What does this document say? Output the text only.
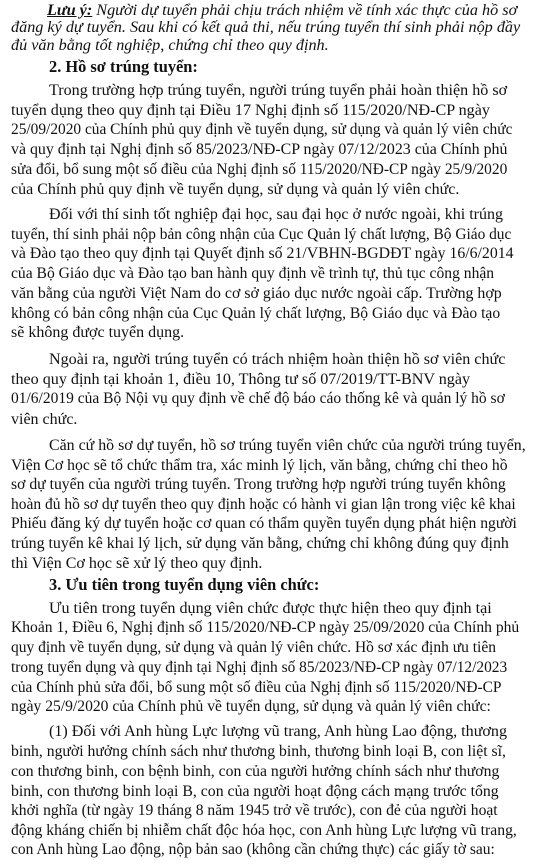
Lưu ý: Người dự tuyển phải chịu trách nhiệm về tính xác thực của hồ sơ
đăng ký dự tuyển. Sau khi có kết quả thi, nếu trúng tuyển thí sinh phải nộp đầy
đủ văn bằng tốt nghiệp, chứng chỉ theo quy định.
2. Hồ sơ trúng tuyển:
Trong trường hợp trúng tuyển, người trúng tuyển phải hoàn thiện hồ sơ
tuyển dụng theo quy định tại Điều 17 Nghị định số 115/2020/NĐ-CP ngày
25/09/2020 của Chính phủ quy định về tuyển dụng, sử dụng và quản lý viên chức
và quy định tại Nghị định số 85/2023/NĐ-CP ngày 07/12/2023 của Chính phủ
sửa đổi, bổ sung một số điều của Nghị định số 115/2020/NĐ-CP ngày 25/9/2020
của Chính phủ quy định về tuyển dụng, sử dụng và quản lý viên chức.
Đối với thí sinh tốt nghiệp đại học, sau đại học ở nước ngoài, khi trúng
tuyển, thí sinh phải nộp bản công nhận của Cục Quản lý chất lượng, Bộ Giáo dục
và Đào tạo theo quy định tại Quyết định số 21/VBHN-BGDĐT ngày 16/6/2014
của Bộ Giáo dục và Đào tạo ban hành quy định về trình tự, thủ tục công nhận
văn bằng của người Việt Nam do cơ sở giáo dục nước ngoài cấp. Trường hợp
không có bản công nhận của Cục Quản lý chất lượng, Bộ Giáo dục và Đào tạo
sẽ không được tuyển dụng.
Ngoài ra, người trúng tuyển có trách nhiệm hoàn thiện hồ sơ viên chức
theo quy định tại khoản 1, điều 10, Thông tư số 07/2019/TT-BNV ngày
01/6/2019 của Bộ Nội vụ quy định về chế độ báo cáo thống kê và quản lý hồ sơ
viên chức.
Căn cứ hồ sơ dự tuyển, hồ sơ trúng tuyển viên chức của người trúng tuyển,
Viện Cơ học sẽ tổ chức thẩm tra, xác minh lý lịch, văn bằng, chứng chỉ theo hồ
sơ dự tuyển của người trúng tuyển. Trong trường hợp người trúng tuyển không
hoàn đủ hồ sơ dự tuyển theo quy định hoặc có hành vi gian lận trong việc kê khai
Phiếu đăng ký dự tuyển hoặc cơ quan có thẩm quyền tuyển dụng phát hiện người
trúng tuyển kê khai lý lịch, sử dụng văn bằng, chứng chỉ không đúng quy định
thì Viện Cơ học sẽ xử lý theo quy định.
3. Ưu tiên trong tuyển dụng viên chức:
Ưu tiên trong tuyển dụng viên chức được thực hiện theo quy định tại
Khoản 1, Điều 6, Nghị định số 115/2020/NĐ-CP ngày 25/09/2020 của Chính phủ
quy định về tuyển dụng, sử dụng và quản lý viên chức. Hồ sơ xác định ưu tiên
trong tuyển dụng và quy định tại Nghị định số 85/2023/NĐ-CP ngày 07/12/2023
của Chính phủ sửa đổi, bổ sung một số điều của Nghị định số 115/2020/NĐ-CP
ngày 25/9/2020 của Chính phủ về tuyển dụng, sử dụng và quản lý viên chức:
(1) Đối với Anh hùng Lực lượng vũ trang, Anh hùng Lao động, thương
binh, người hưởng chính sách như thương binh, thương binh loại B, con liệt sĩ,
con thương binh, con bệnh binh, con của người hưởng chính sách như thương
binh, con thương binh loại B, con của người hoạt động cách mạng trước tổng
khởi nghĩa (từ ngày 19 tháng 8 năm 1945 trở về trước), con đẻ của người hoạt
động kháng chiến bị nhiễm chất độc hóa học, con Anh hùng Lực lượng vũ trang,
con Anh hùng Lao động, nộp bản sao (không cần chứng thực) các giấy tờ sau:
